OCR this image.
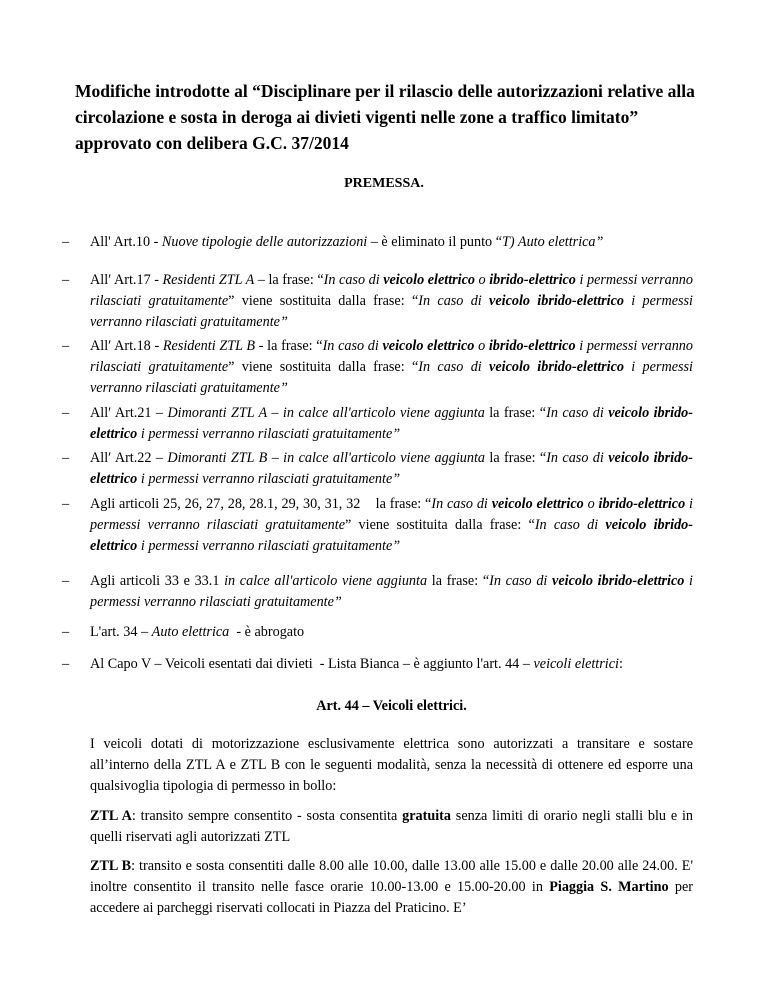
Modifiche introdotte al “Disciplinare per il rilascio delle autorizzazioni relative alla circolazione e sosta in deroga ai divieti vigenti nelle zone a traffico limitato” approvato con delibera G.C. 37/2014
PREMESSA.
–	All' Art.10 - Nuove tipologie delle autorizzazioni – è eliminato il punto “T) Auto elettrica”
–	All′ Art.17 - Residenti ZTL A – la frase: “In caso di veicolo elettrico o ibrido-elettrico i permessi verranno rilasciati gratuitamente” viene sostituita dalla frase: “In caso di veicolo ibrido-elettrico i permessi verranno rilasciati gratuitamente”
–	All′ Art.18 - Residenti ZTL B - la frase: “In caso di veicolo elettrico o ibrido-elettrico i permessi verranno rilasciati gratuitamente” viene sostituita dalla frase: “In caso di veicolo ibrido-elettrico i permessi verranno rilasciati gratuitamente”
–	All′ Art.21 – Dimoranti ZTL A – in calce all'articolo viene aggiunta la frase: “In caso di veicolo ibrido-elettrico i permessi verranno rilasciati gratuitamente”
–	All′ Art.22 – Dimoranti ZTL B – in calce all'articolo viene aggiunta la frase: “In caso di veicolo ibrido-elettrico i permessi verranno rilasciati gratuitamente”
–	Agli articoli 25, 26, 27, 28, 28.1, 29, 30, 31, 32    la frase: “In caso di veicolo elettrico o ibrido-elettrico i permessi verranno rilasciati gratuitamente” viene sostituita dalla frase: “In caso di veicolo ibrido-elettrico i permessi verranno rilasciati gratuitamente”
–	Agli articoli 33 e 33.1 in calce all'articolo viene aggiunta la frase: “In caso di veicolo ibrido-elettrico i permessi verranno rilasciati gratuitamente”
–	L'art. 34 – Auto elettrica  - è abrogato
–	Al Capo V – Veicoli esentati dai divieti  - Lista Bianca – è aggiunto l'art. 44 – veicoli elettrici:
Art. 44 – Veicoli elettrici.
I veicoli dotati di motorizzazione esclusivamente elettrica sono autorizzati a transitare e sostare all’interno della ZTL A e ZTL B con le seguenti modalità, senza la necessità di ottenere ed esporre una qualsivoglia tipologia di permesso in bollo:
ZTL A: transito sempre consentito - sosta consentita gratuita senza limiti di orario negli stalli blu e in quelli riservati agli autorizzati ZTL
ZTL B: transito e sosta consentiti dalle 8.00 alle 10.00, dalle 13.00 alle 15.00 e dalle 20.00 alle 24.00. E' inoltre consentito il transito nelle fasce orarie 10.00-13.00 e 15.00-20.00 in Piaggia S. Martino per accedere ai parcheggi riservati collocati in Piazza del Praticino. E’
